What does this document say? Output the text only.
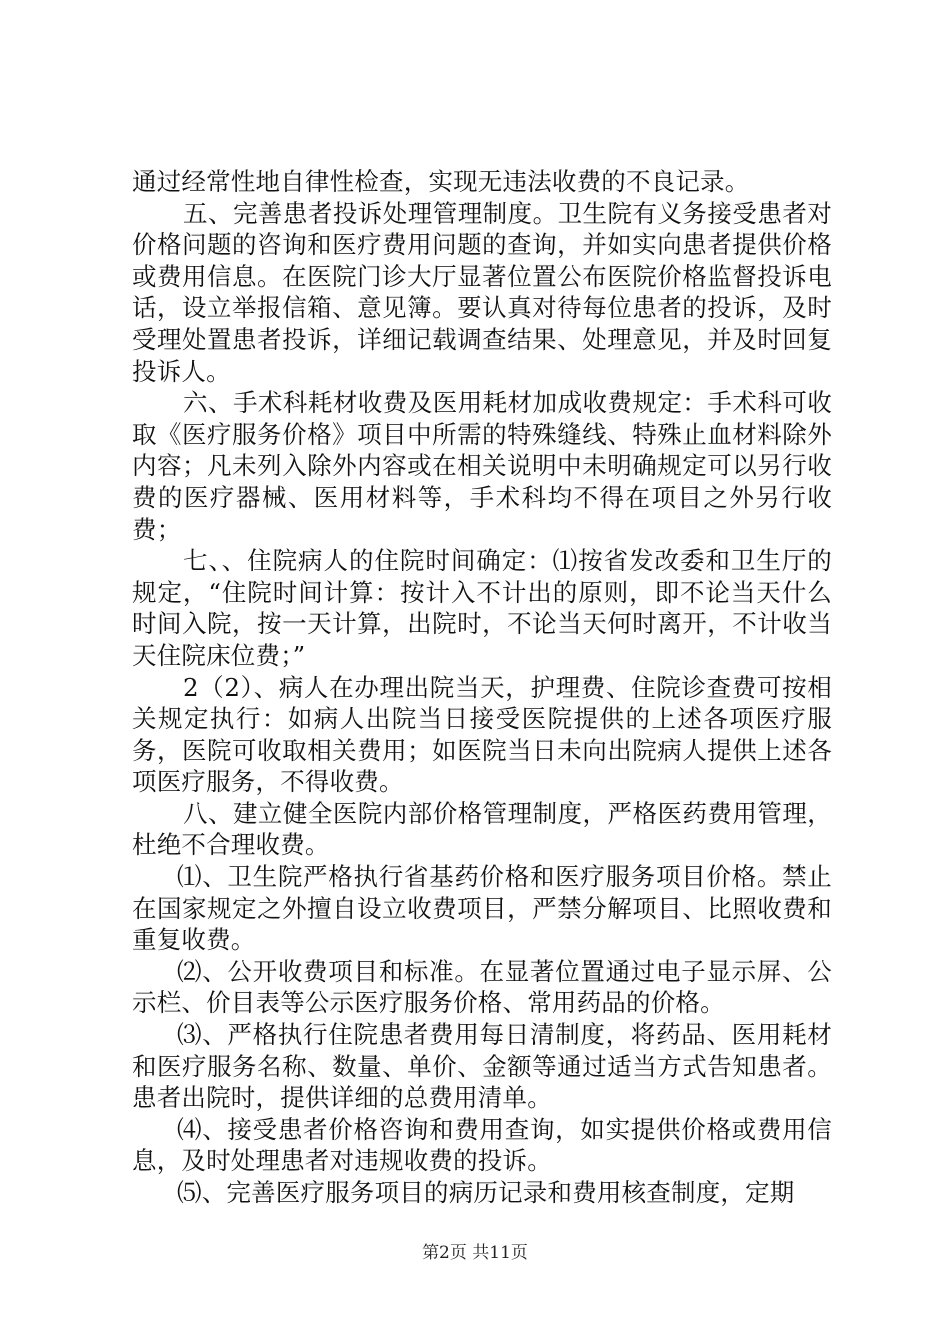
通过经常性地自律性检查，实现无违法收费的不良记录。

五、完善患者投诉处理管理制度。卫生院有义务接受患者对价格问题的咨询和医疗费用问题的查询，并如实向患者提供价格或费用信息。在医院门诊大厅显著位置公布医院价格监督投诉电话，设立举报信箱、意见簿。要认真对待每位患者的投诉，及时受理处置患者投诉，详细记载调查结果、处理意见，并及时回复投诉人。

六、手术科耗材收费及医用耗材加成收费规定：手术科可收取《医疗服务价格》项目中所需的特殊缝线、特殊止血材料除外内容；凡未列入除外内容或在相关说明中未明确规定可以另行收费的医疗器械、医用材料等，手术科均不得在项目之外另行收费；

七、、住院病人的住院时间确定：⑴按省发改委和卫生厅的规定，“住院时间计算：按计入不计出的原则，即不论当天什么时间入院，按一天计算，出院时，不论当天何时离开，不计收当天住院床位费；”

2（2）、病人在办理出院当天，护理费、住院诊查费可按相关规定执行：如病人出院当日接受医院提供的上述各项医疗服务，医院可收取相关费用；如医院当日未向出院病人提供上述各项医疗服务，不得收费。

八、建立健全医院内部价格管理制度，严格医药费用管理，杜绝不合理收费。

⑴、卫生院严格执行省基药价格和医疗服务项目价格。禁止在国家规定之外擅自设立收费项目，严禁分解项目、比照收费和重复收费。

⑵、公开收费项目和标准。在显著位置通过电子显示屏、公示栏、价目表等公示医疗服务价格、常用药品的价格。

⑶、严格执行住院患者费用每日清制度，将药品、医用耗材和医疗服务名称、数量、单价、金额等通过适当方式告知患者。患者出院时，提供详细的总费用清单。

⑷、接受患者价格咨询和费用查询，如实提供价格或费用信息，及时处理患者对违规收费的投诉。

⑸、完善医疗服务项目的病历记录和费用核查制度，定期

第2页 共11页
